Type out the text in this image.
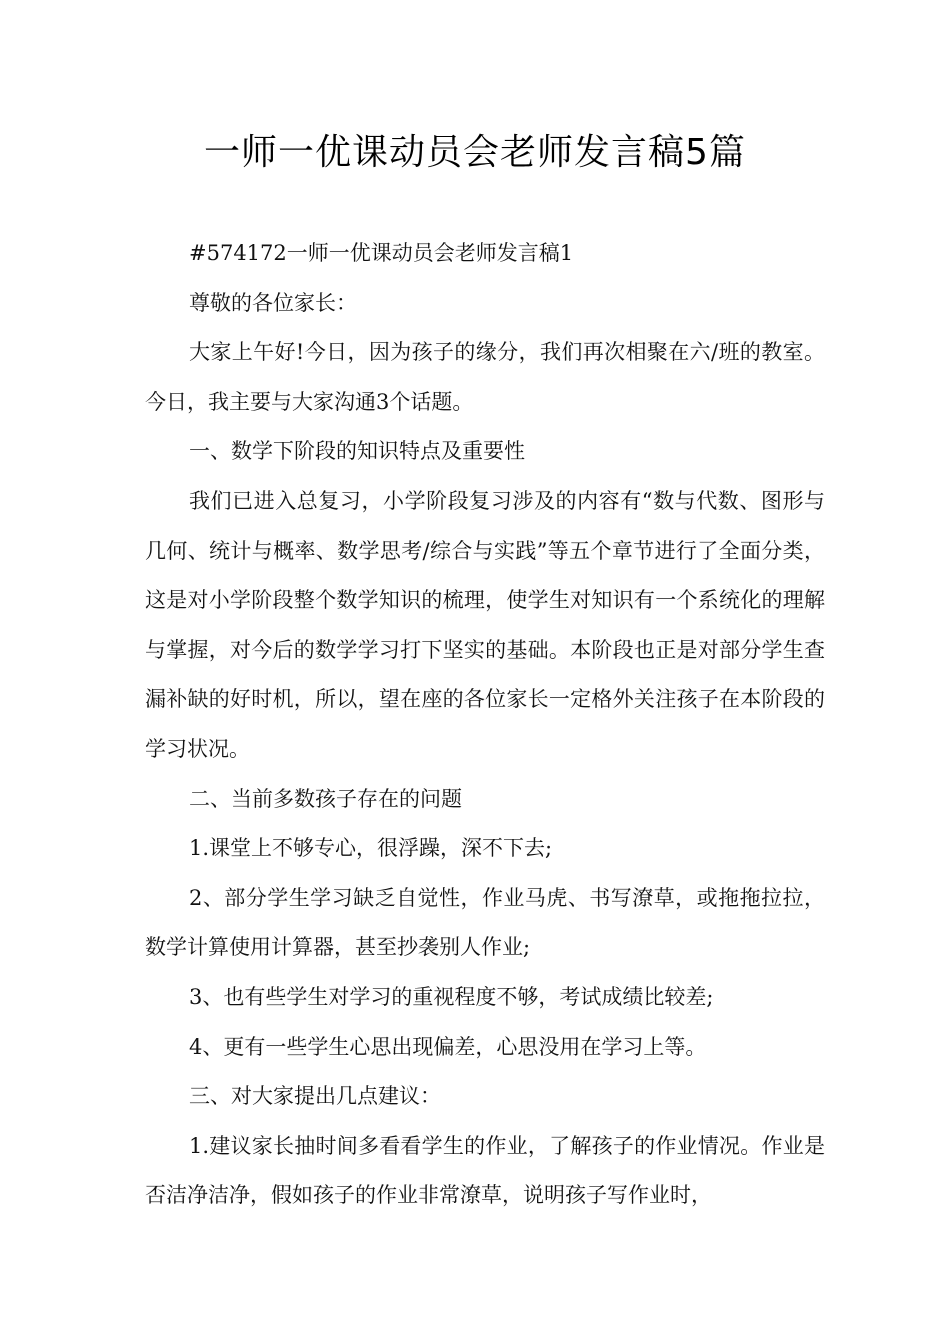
一师一优课动员会老师发言稿5篇

#574172一师一优课动员会老师发言稿1

尊敬的各位家长：

大家上午好!今日，因为孩子的缘分，我们再次相聚在六/班的教室。今日，我主要与大家沟通3个话题。

一、数学下阶段的知识特点及重要性

我们已进入总复习，小学阶段复习涉及的内容有“数与代数、图形与几何、统计与概率、数学思考/综合与实践”等五个章节进行了全面分类，这是对小学阶段整个数学知识的梳理，使学生对知识有一个系统化的理解与掌握，对今后的数学学习打下坚实的基础。本阶段也正是对部分学生查漏补缺的好时机，所以，望在座的各位家长一定格外关注孩子在本阶段的学习状况。

二、当前多数孩子存在的问题

1.课堂上不够专心，很浮躁，深不下去;

2、部分学生学习缺乏自觉性，作业马虎、书写潦草，或拖拖拉拉，数学计算使用计算器，甚至抄袭别人作业;

3、也有些学生对学习的重视程度不够，考试成绩比较差;

4、更有一些学生心思出现偏差，心思没用在学习上等。

三、对大家提出几点建议：

1.建议家长抽时间多看看学生的作业，了解孩子的作业情况。作业是否洁净洁净，假如孩子的作业非常潦草，说明孩子写作业时，
